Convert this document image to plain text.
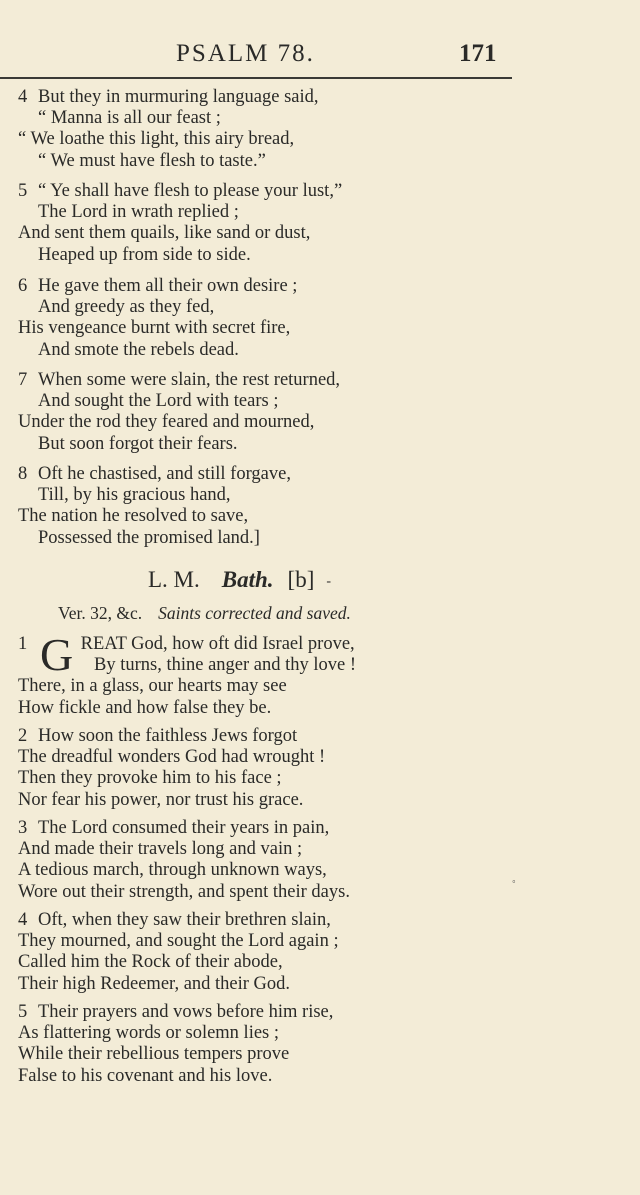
PSALM 78.	171
4 But they in murmuring language said,
“ Manna is all our feast ;
“ We loathe this light, this airy bread,
“ We must have flesh to taste.”
5 “ Ye shall have flesh to please your lust,”
The Lord in wrath replied ;
And sent them quails, like sand or dust,
Heaped up from side to side.
6 He gave them all their own desire ;
And greedy as they fed,
His vengeance burnt with secret fire,
And smote the rebels dead.
7 When some were slain, the rest returned,
And sought the Lord with tears ;
Under the rod they feared and mourned,
But soon forgot their fears.
8 Oft he chastised, and still forgave,
Till, by his gracious hand,
The nation he resolved to save,
Possessed the promised land.]
L. M. Bath. [b] -
Ver. 32, &c. Saints corrected and saved.
1 G REAT God, how oft did Israel prove,
By turns, thine anger and thy love !
There, in a glass, our hearts may see
How fickle and how false they be.
2 How soon the faithless Jews forgot
The dreadful wonders God had wrought !
Then they provoke him to his face ;
Nor fear his power, nor trust his grace.
3 The Lord consumed their years in pain,
And made their travels long and vain ;
A tedious march, through unknown ways,
Wore out their strength, and spent their days.
4 Oft, when they saw their brethren slain,
They mourned, and sought the Lord again ;
Called him the Rock of their abode,
Their high Redeemer, and their God.
5 Their prayers and vows before him rise,
As flattering words or solemn lies ;
While their rebellious tempers prove
False to his covenant and his love.
ﾟ
